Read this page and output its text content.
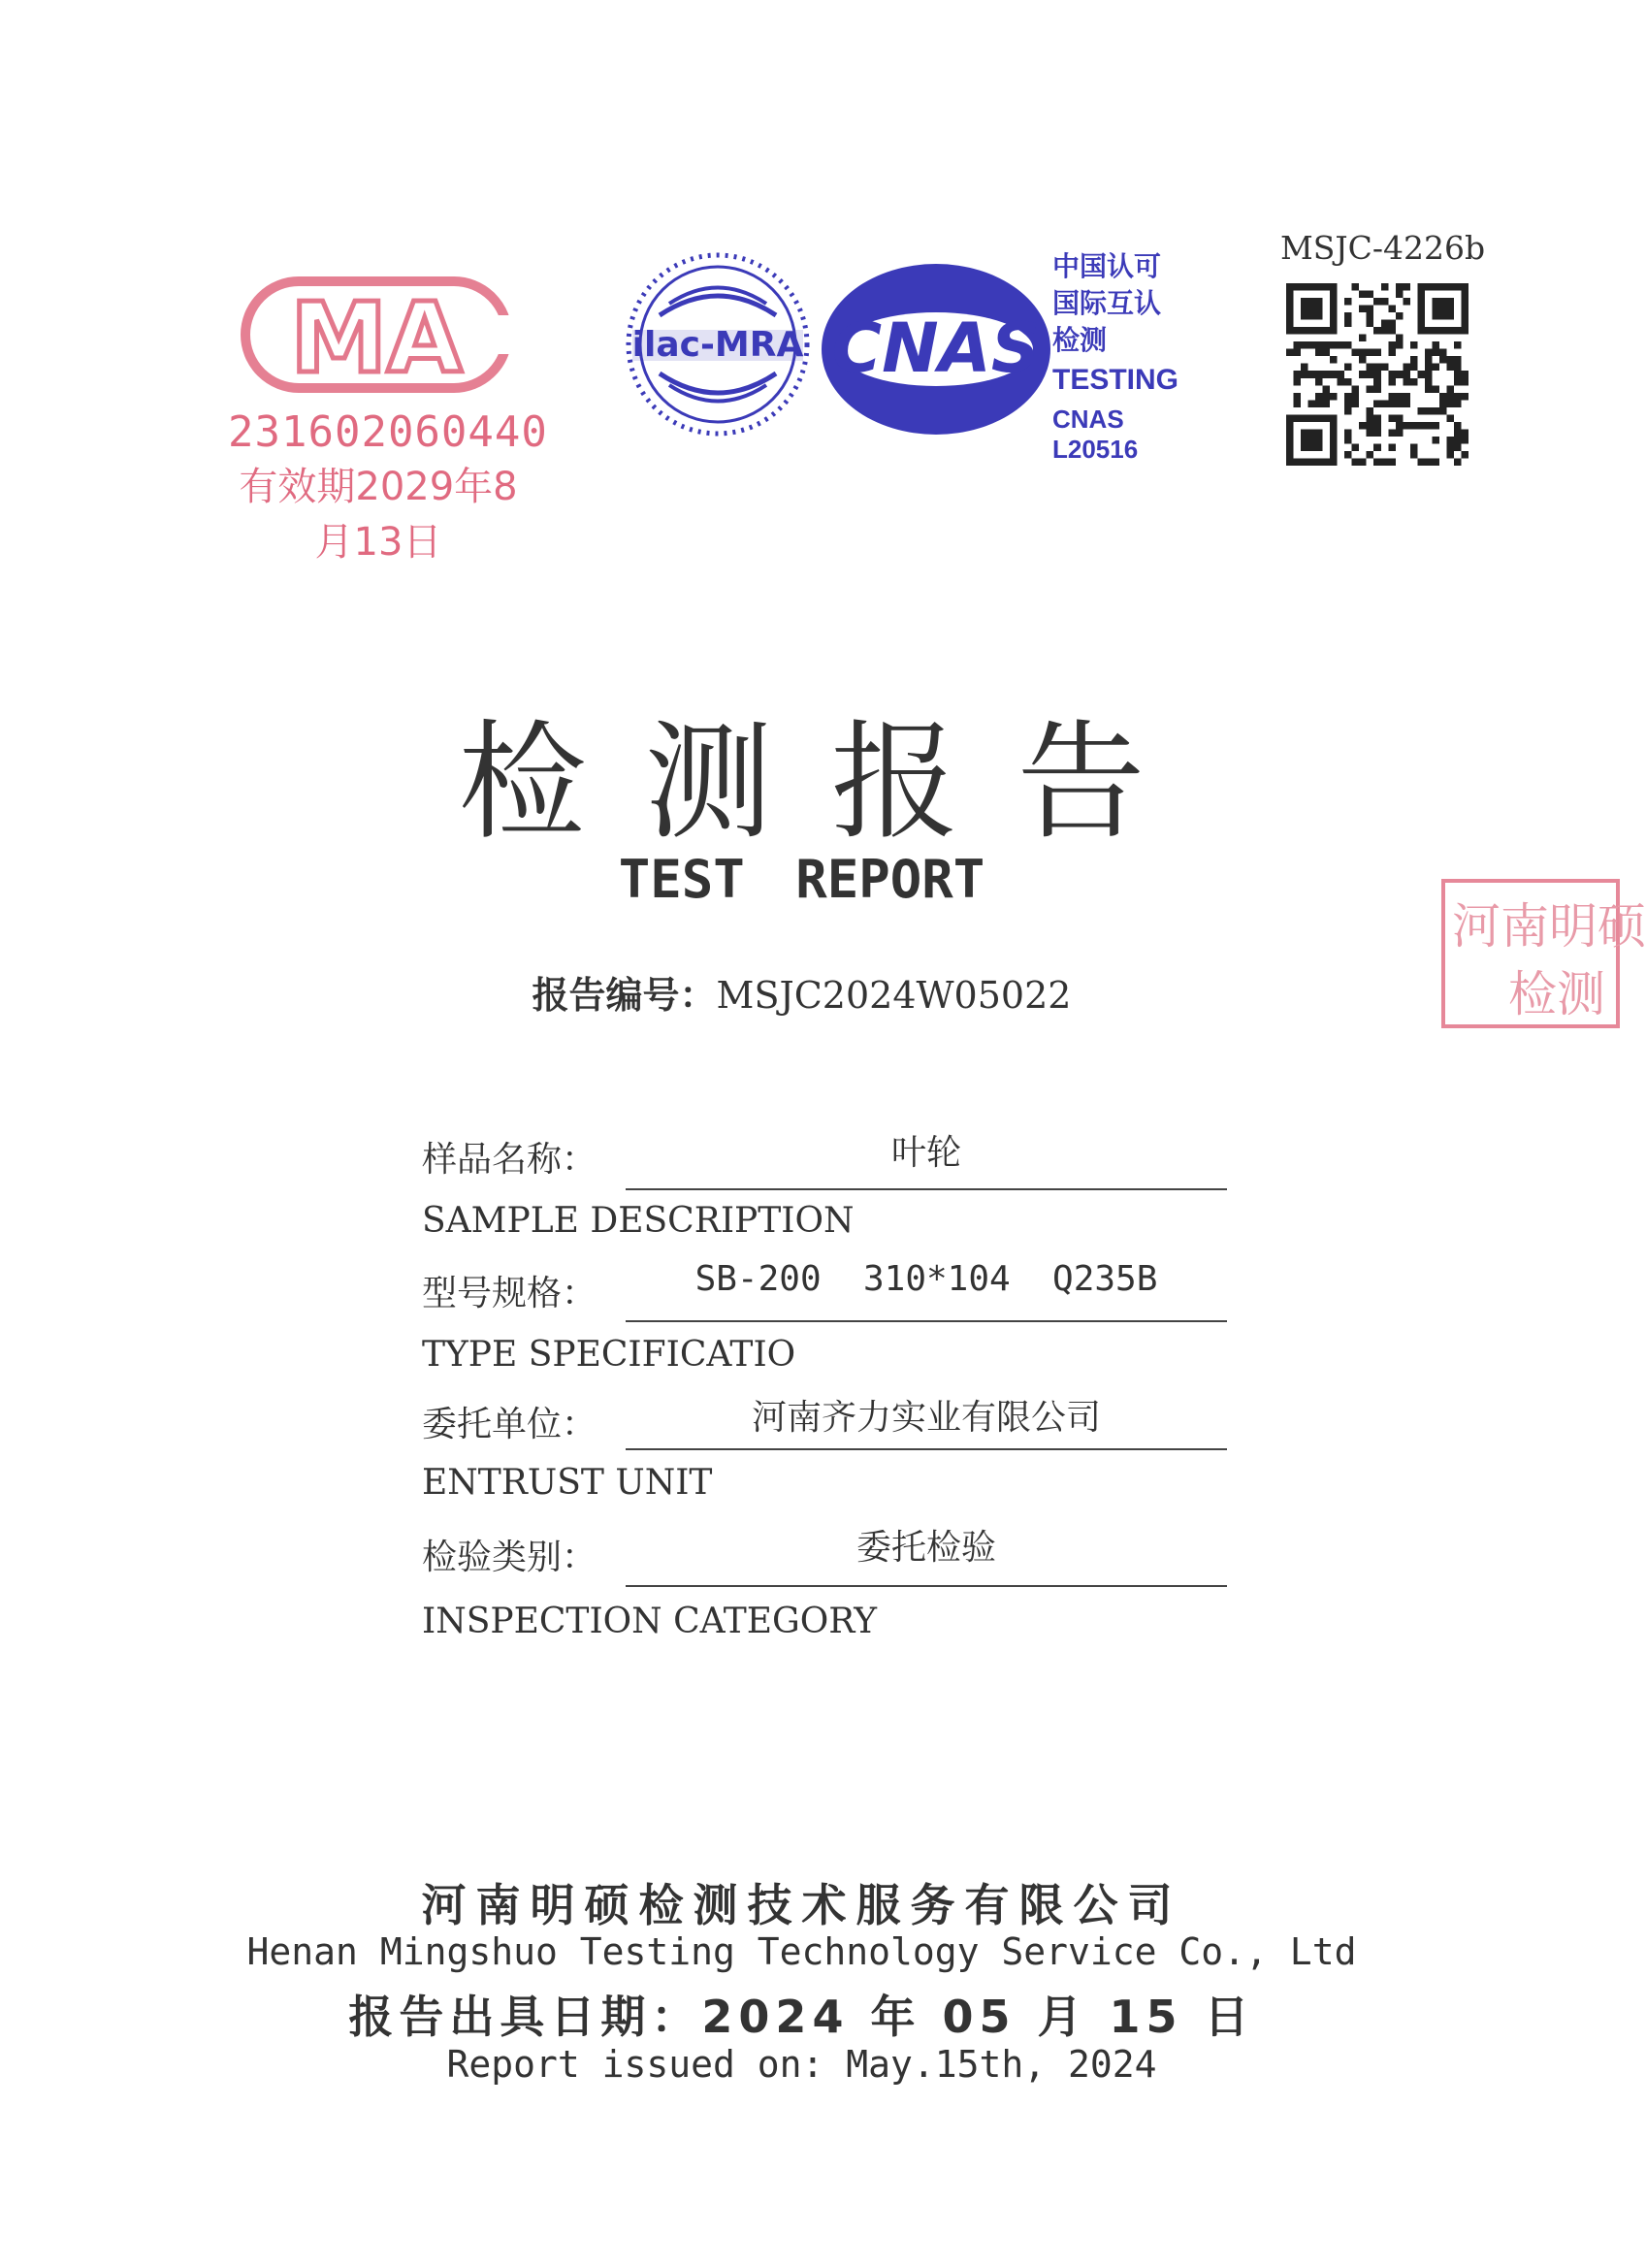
MA
231602060440
有效期2029年8月13日
ilac-MRA CNAS
中国认可
国际互认
检测
TESTING
CNAS L20516
MSJC-4226b
检测报告
TEST REPORT
报告编号：MSJC2024W05022
河南明硕
检测
样品名称：	叶轮
SAMPLE DESCRIPTION
型号规格：	SB-200  310*104  Q235B
TYPE SPECIFICATIO
委托单位：	河南齐力实业有限公司
ENTRUST UNIT
检验类别：	委托检验
INSPECTION CATEGORY
河南明硕检测技术服务有限公司
Henan Mingshuo Testing Technology Service Co., Ltd
报告出具日期：2024 年 05 月 15 日
Report issued on: May.15th, 2024
